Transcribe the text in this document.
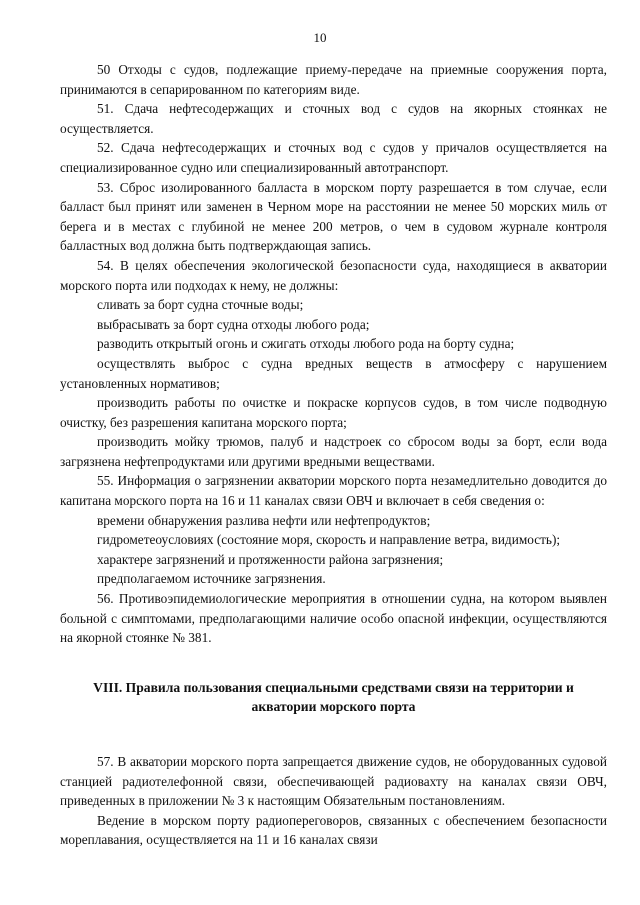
10

50 Отходы с судов, подлежащие приему-передаче на приемные сооружения порта, принимаются в сепарированном по категориям виде.

51. Сдача нефтесодержащих и сточных вод с судов на якорных стоянках не осуществляется.

52. Сдача нефтесодержащих и сточных вод с судов у причалов осуществляется на специализированное судно или специализированный автотранспорт.

53. Сброс изолированного балласта в морском порту разрешается в том случае, если балласт был принят или заменен в Черном море на расстоянии не менее 50 морских миль от берега и в местах с глубиной не менее 200 метров, о чем в судовом журнале контроля балластных вод должна быть подтверждающая запись.

54. В целях обеспечения экологической безопасности суда, находящиеся в акватории морского порта или подходах к нему, не должны:

сливать за борт судна сточные воды;

выбрасывать за борт судна отходы любого рода;

разводить открытый огонь и сжигать отходы любого рода на борту судна;

осуществлять выброс с судна вредных веществ в атмосферу с нарушением установленных нормативов;

производить работы по очистке и покраске корпусов судов, в том числе подводную очистку, без разрешения капитана морского порта;

производить мойку трюмов, палуб и надстроек со сбросом воды за борт, если вода загрязнена нефтепродуктами или другими вредными веществами.

55. Информация о загрязнении акватории морского порта незамедлительно доводится до капитана морского порта на 16 и 11 каналах связи ОВЧ и включает в себя сведения о:

времени обнаружения разлива нефти или нефтепродуктов;

гидрометеоусловиях (состояние моря, скорость и направление ветра, видимость);

характере загрязнений и протяженности района загрязнения;

предполагаемом источнике загрязнения.

56. Противоэпидемиологические мероприятия в отношении судна, на котором выявлен больной с симптомами, предполагающими наличие особо опасной инфекции, осуществляются на якорной стоянке № 381.

VIII. Правила пользования специальными средствами связи на территории и акватории морского порта

57. В акватории морского порта запрещается движение судов, не оборудованных судовой станцией радиотелефонной связи, обеспечивающей радиовахту на каналах связи ОВЧ, приведенных в приложении № 3 к настоящим Обязательным постановлениям.

Ведение в морском порту радиопереговоров, связанных с обеспечением безопасности мореплавания, осуществляется на 11 и 16 каналах связи
